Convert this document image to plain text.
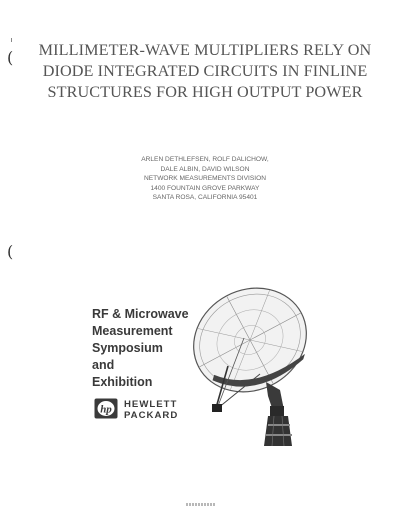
(
(
MILLIMETER-WAVE MULTIPLIERS RELY ON
DIODE INTEGRATED CIRCUITS IN FINLINE
STRUCTURES FOR HIGH OUTPUT POWER
ARLEN DETHLEFSEN, ROLF DALICHOW,
DALE ALBIN, DAVID WILSON
NETWORK MEASUREMENTS DIVISION
1400 FOUNTAIN GROVE PARKWAY
SANTA ROSA, CALIFORNIA 95401
RF & Microwave
Measurement
Symposium
and
Exhibition
hp HEWLETT
PACKARD
